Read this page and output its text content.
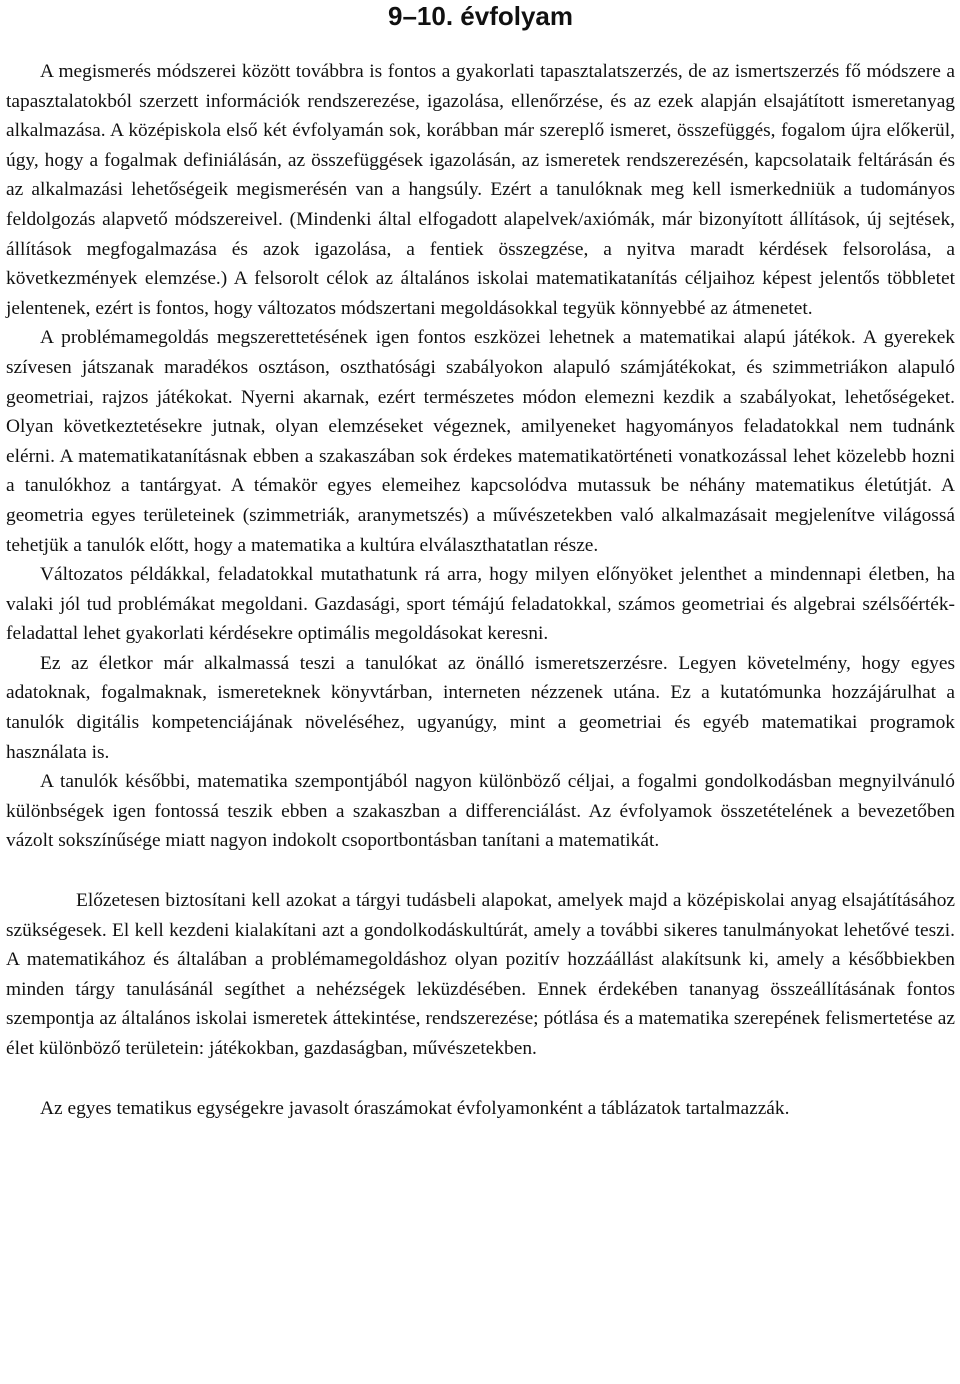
9–10. évfolyam

A megismerés módszerei között továbbra is fontos a gyakorlati tapasztalatszerzés, de az ismertszerzés fő módszere a tapasztalatokból szerzett információk rendszerezése, igazolása, ellenőrzése, és az ezek alapján elsajátított ismeretanyag alkalmazása. A középiskola első két évfolyamán sok, korábban már szereplő ismeret, összefüggés, fogalom újra előkerül, úgy, hogy a fogalmak definiálásán, az összefüggések igazolásán, az ismeretek rendszerezésén, kapcsolataik feltárásán és az alkalmazási lehetőségeik megismerésén van a hangsúly. Ezért a tanulóknak meg kell ismerkedniük a tudományos feldolgozás alapvető módszereivel. (Mindenki által elfogadott alapelvek/axiómák, már bizonyított állítások, új sejtések, állítások megfogalmazása és azok igazolása, a fentiek összegzése, a nyitva maradt kérdések felsorolása, a következmények elemzése.) A felsorolt célok az általános iskolai matematikatanítás céljaihoz képest jelentős többletet jelentenek, ezért is fontos, hogy változatos módszertani megoldásokkal tegyük könnyebbé az átmenetet.

A problémamegoldás megszerettetésének igen fontos eszközei lehetnek a matematikai alapú játékok. A gyerekek szívesen játszanak maradékos osztáson, oszthatósági szabályokon alapuló számjátékokat, és szimmetriákon alapuló geometriai, rajzos játékokat. Nyerni akarnak, ezért természetes módon elemezni kezdik a szabályokat, lehetőségeket. Olyan következtetésekre jutnak, olyan elemzéseket végeznek, amilyeneket hagyományos feladatokkal nem tudnánk elérni. A matematikatanításnak ebben a szakaszában sok érdekes matematikatörténeti vonatkozással lehet közelebb hozni a tanulókhoz a tantárgyat. A témakör egyes elemeihez kapcsolódva mutassuk be néhány matematikus életútját. A geometria egyes területeinek (szimmetriák, aranymetszés) a művészetekben való alkalmazásait megjelenítve világossá tehetjük a tanulók előtt, hogy a matematika a kultúra elválaszthatatlan része.

Változatos példákkal, feladatokkal mutathatunk rá arra, hogy milyen előnyöket jelenthet a mindennapi életben, ha valaki jól tud problémákat megoldani. Gazdasági, sport témájú feladatokkal, számos geometriai és algebrai szélsőérték-feladattal lehet gyakorlati kérdésekre optimális megoldásokat keresni.

Ez az életkor már alkalmassá teszi a tanulókat az önálló ismeretszerzésre. Legyen követelmény, hogy egyes adatoknak, fogalmaknak, ismereteknek könyvtárban, interneten nézzenek utána. Ez a kutatómunka hozzájárulhat a tanulók digitális kompetenciájának növeléséhez, ugyanúgy, mint a geometriai és egyéb matematikai programok használata is.

A tanulók későbbi, matematika szempontjából nagyon különböző céljai, a fogalmi gondolkodásban megnyilvánuló különbségek igen fontossá teszik ebben a szakaszban a differenciálást. Az évfolyamok összetételének a bevezetőben vázolt sokszínűsége miatt nagyon indokolt csoportbontásban tanítani a matematikát.

Előzetesen biztosítani kell azokat a tárgyi tudásbeli alapokat, amelyek majd a középiskolai anyag elsajátításához szükségesek. El kell kezdeni kialakítani azt a gondolkodáskultúrát, amely a további sikeres tanulmányokat lehetővé teszi. A matematikához és általában a problémamegoldáshoz olyan pozitív hozzáállást alakítsunk ki, amely a későbbiekben minden tárgy tanulásánál segíthet a nehézségek leküzdésében. Ennek érdekében tananyag összeállításának fontos szempontja az általános iskolai ismeretek áttekintése, rendszerezése; pótlása és a matematika szerepének felismertetése az élet különböző területein: játékokban, gazdaságban, művészetekben.

Az egyes tematikus egységekre javasolt óraszámokat évfolyamonként a táblázatok tartalmazzák.
